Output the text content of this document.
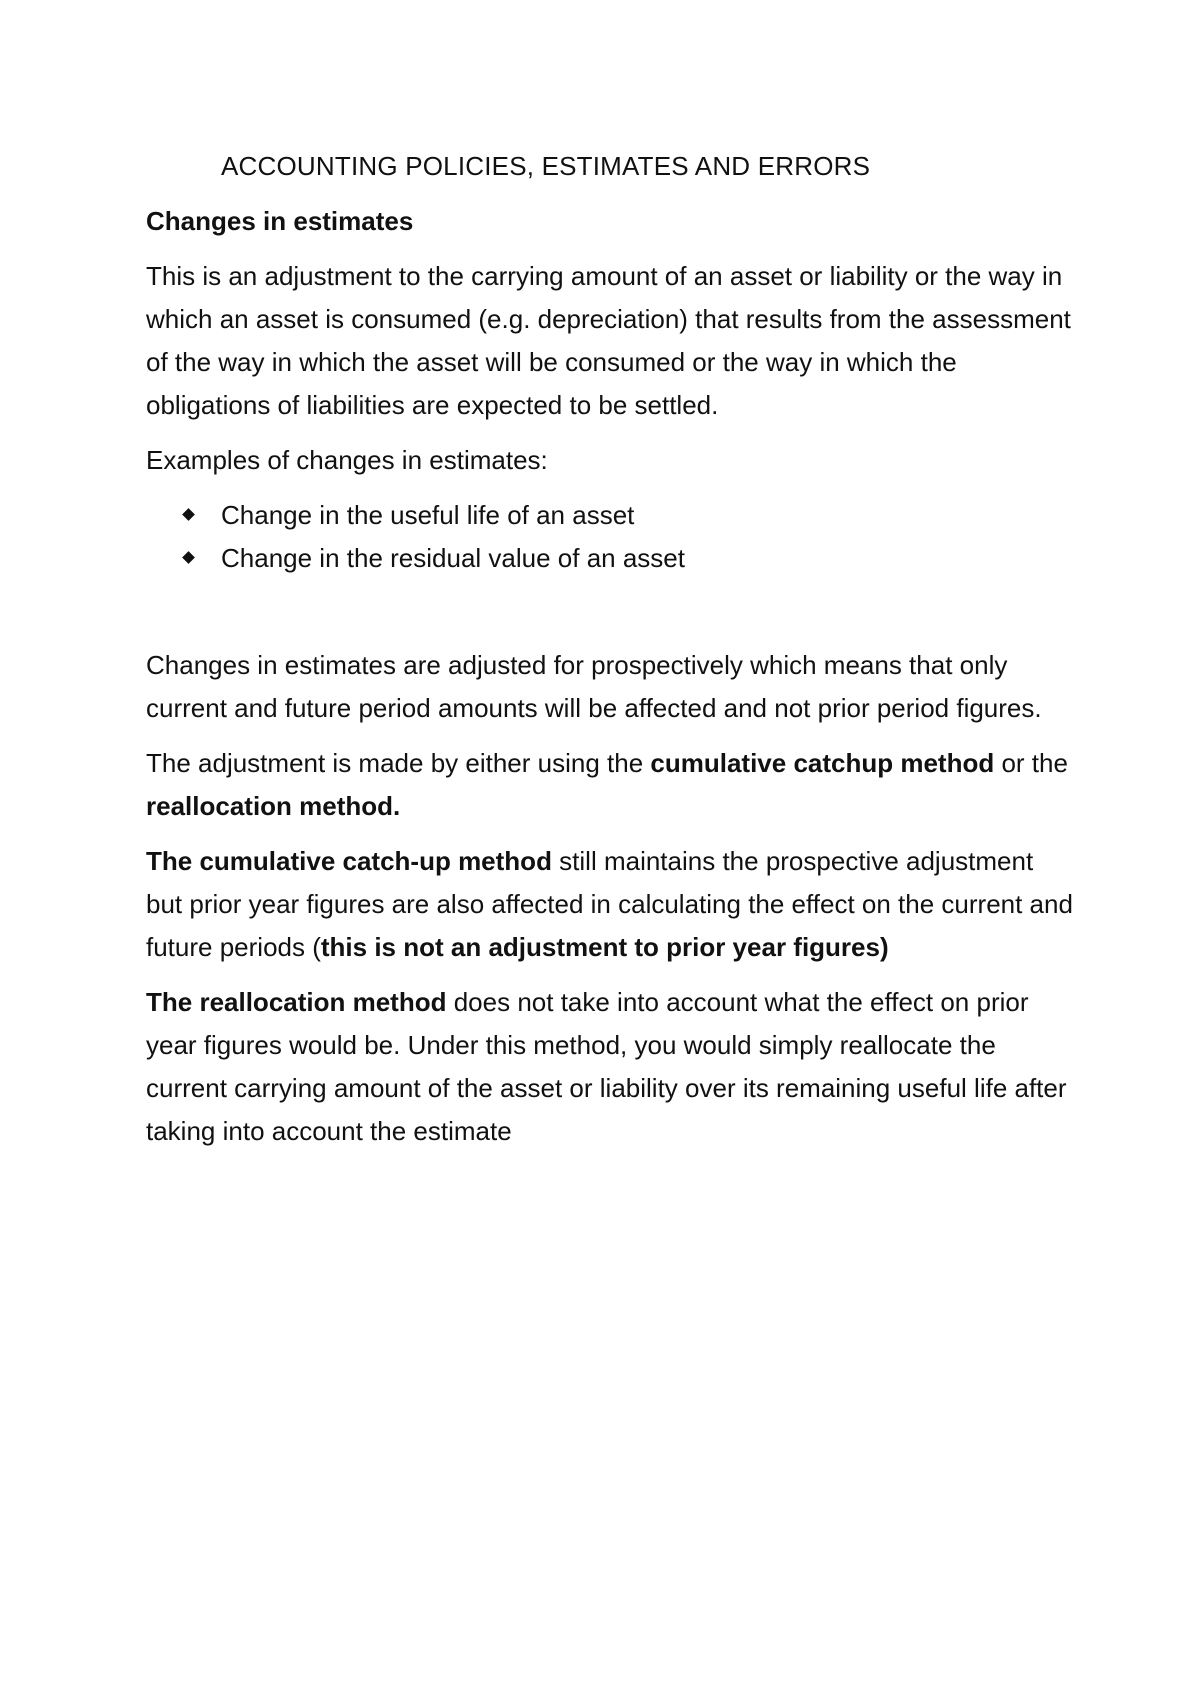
ACCOUNTING POLICIES, ESTIMATES AND ERRORS
Changes in estimates

This is an adjustment to the carrying amount of an asset or liability or the way in which an asset is consumed (e.g. depreciation) that results from the assessment of the way in which the asset will be consumed or the way in which the obligations of liabilities are expected to be settled.

Examples of changes in estimates:

Change in the useful life of an asset
Change in the residual value of an asset

Changes in estimates are adjusted for prospectively which means that only current and future period amounts will be affected and not prior period figures.

The adjustment is made by either using the cumulative catchup method or the reallocation method.

The cumulative catch-up method still maintains the prospective adjustment but prior year figures are also affected in calculating the effect on the current and future periods (this is not an adjustment to prior year figures)

The reallocation method does not take into account what the effect on prior year figures would be. Under this method, you would simply reallocate the current carrying amount of the asset or liability over its remaining useful life after taking into account the estimate
